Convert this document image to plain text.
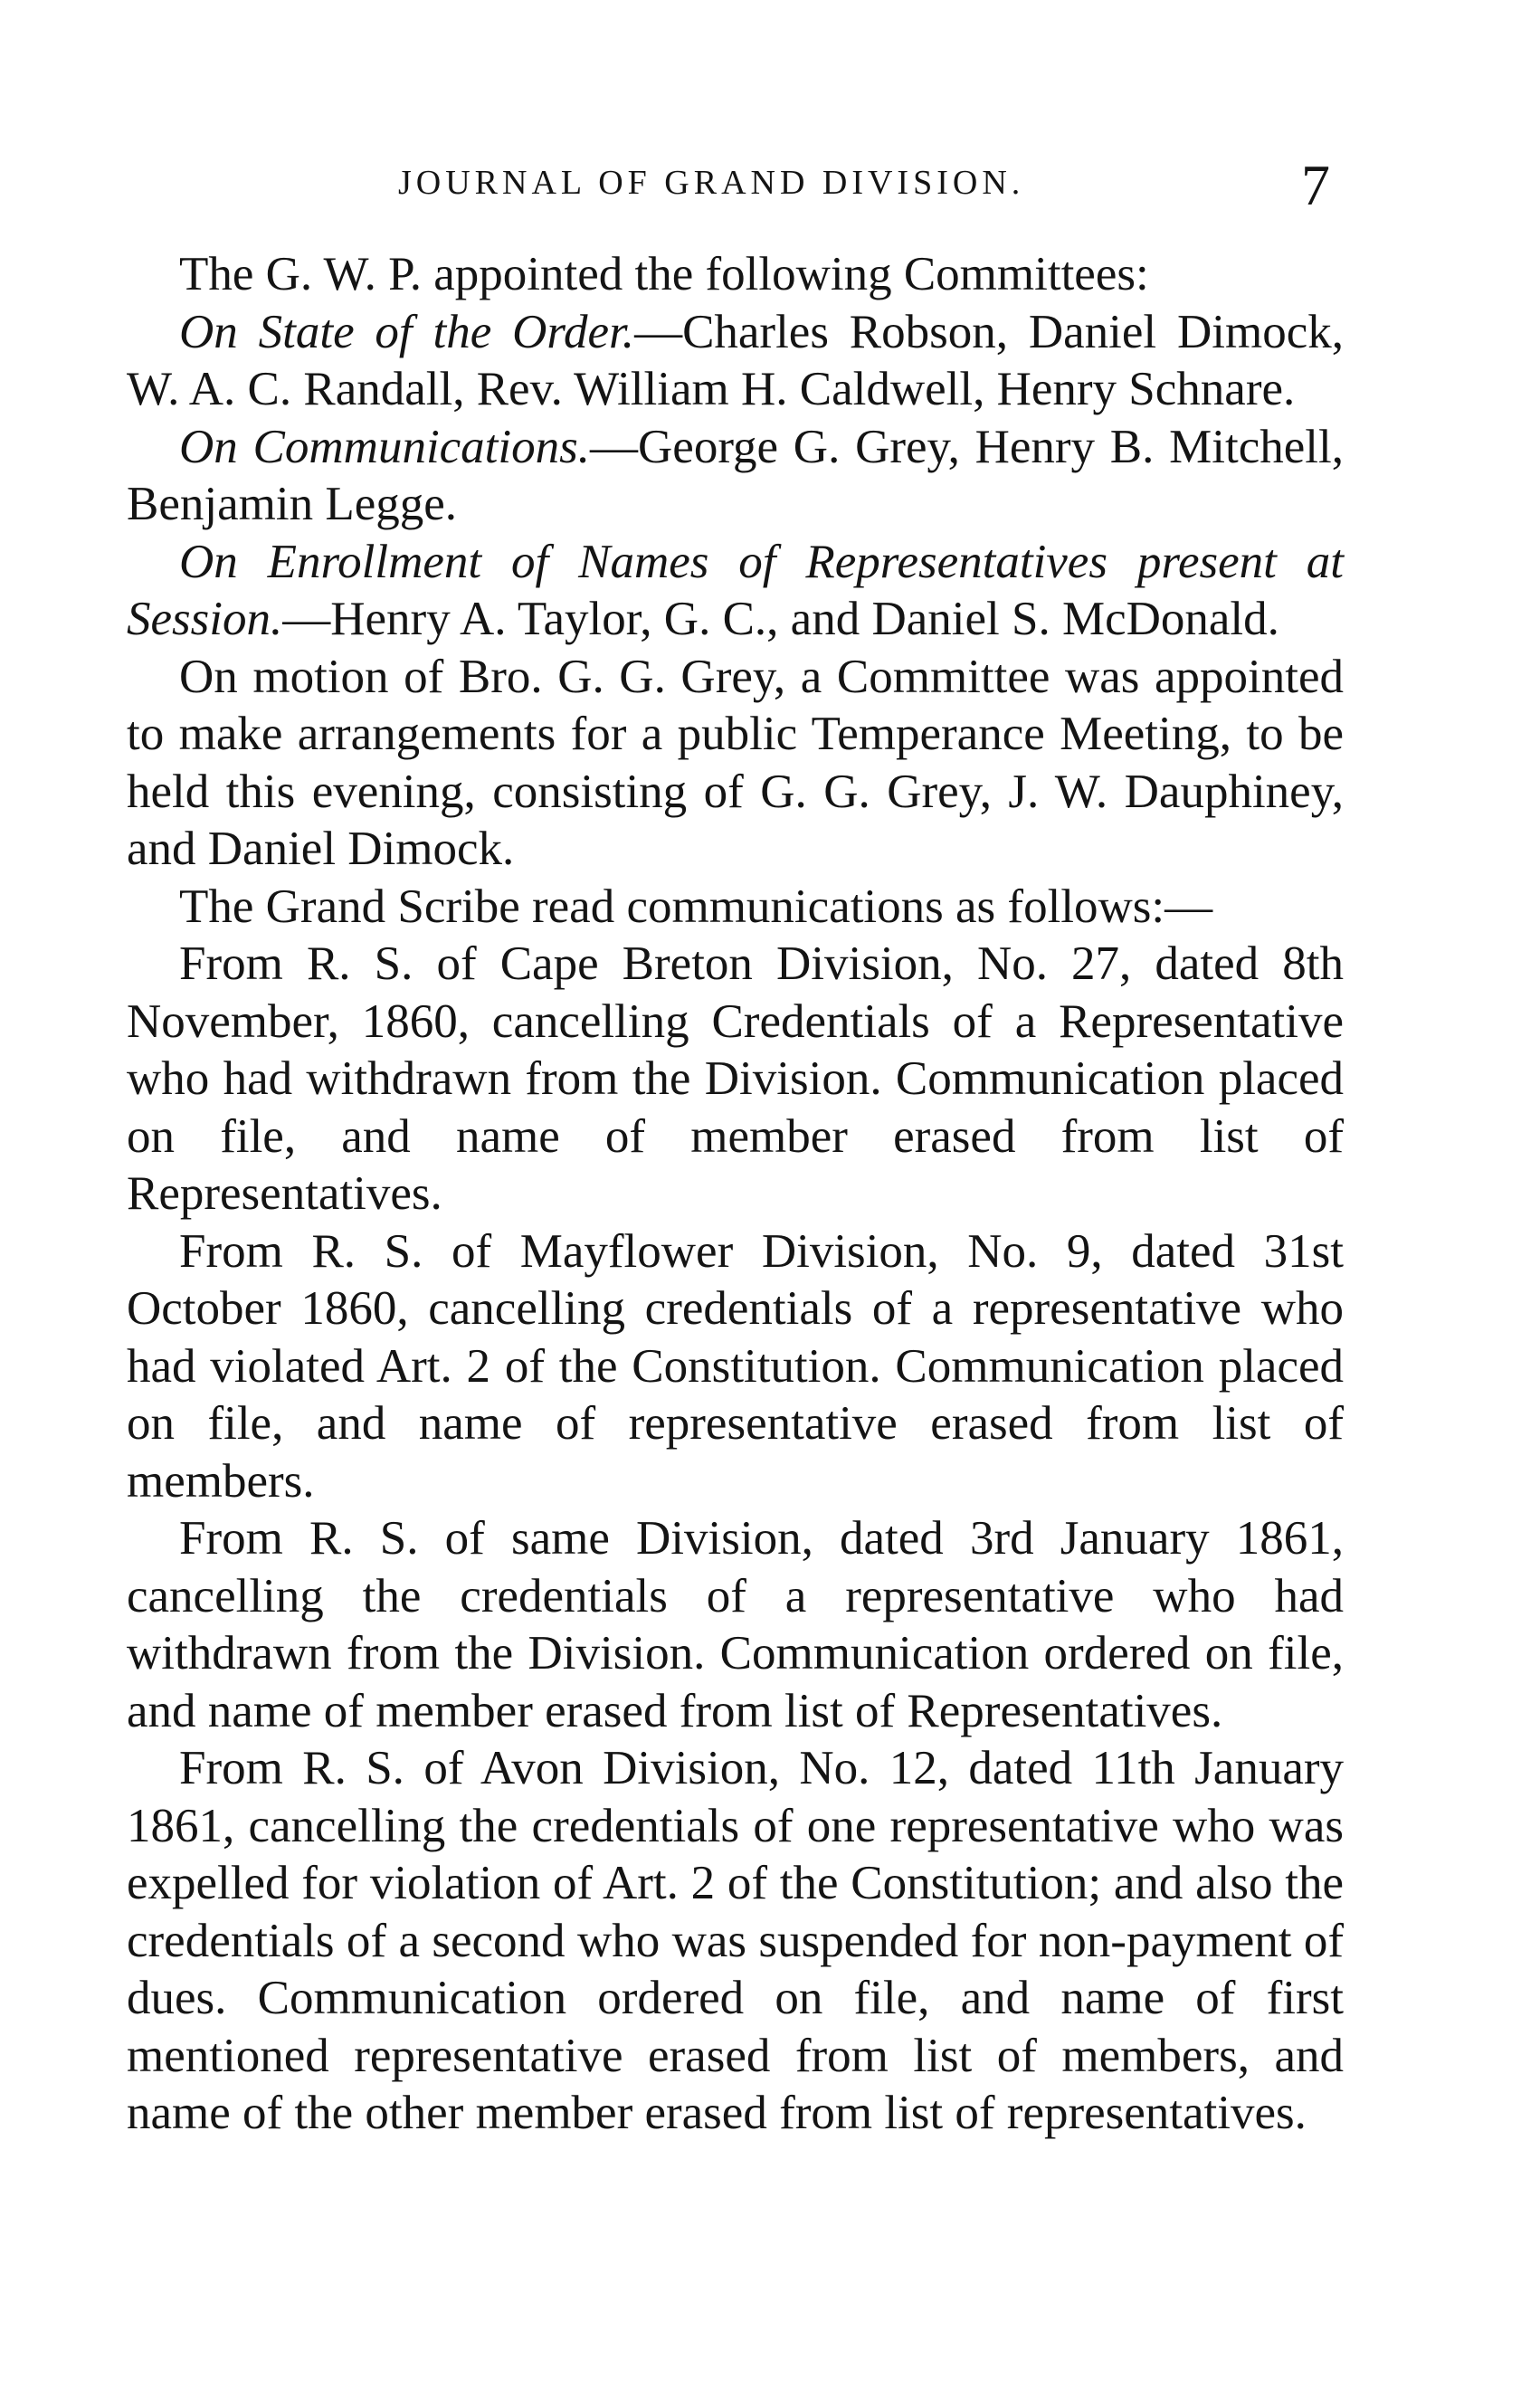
JOURNAL OF GRAND DIVISION.	7

The G. W. P. appointed the following Committees:

On State of the Order.—Charles Robson, Daniel Dimock, W. A. C. Randall, Rev. William H. Caldwell, Henry Schnare.

On Communications.—George G. Grey, Henry B. Mitchell, Benjamin Legge.

On Enrollment of Names of Representatives present at Session.—Henry A. Taylor, G. C., and Daniel S. McDonald.

On motion of Bro. G. G. Grey, a Committee was appointed to make arrangements for a public Temperance Meeting, to be held this evening, consisting of G. G. Grey, J. W. Dauphiney, and Daniel Dimock.

The Grand Scribe read communications as follows:—

From R. S. of Cape Breton Division, No. 27, dated 8th November, 1860, cancelling Credentials of a Representative who had withdrawn from the Division. Communication placed on file, and name of member erased from list of Representatives.

From R. S. of Mayflower Division, No. 9, dated 31st October 1860, cancelling credentials of a representative who had violated Art. 2 of the Constitution. Communication placed on file, and name of representative erased from list of members.

From R. S. of same Division, dated 3rd January 1861, cancelling the credentials of a representative who had withdrawn from the Division. Communication ordered on file, and name of member erased from list of Representatives.

From R. S. of Avon Division, No. 12, dated 11th January 1861, cancelling the credentials of one representative who was expelled for violation of Art. 2 of the Constitution; and also the credentials of a second who was suspended for non-payment of dues. Communication ordered on file, and name of first mentioned representative erased from list of members, and name of the other member erased from list of representatives.
